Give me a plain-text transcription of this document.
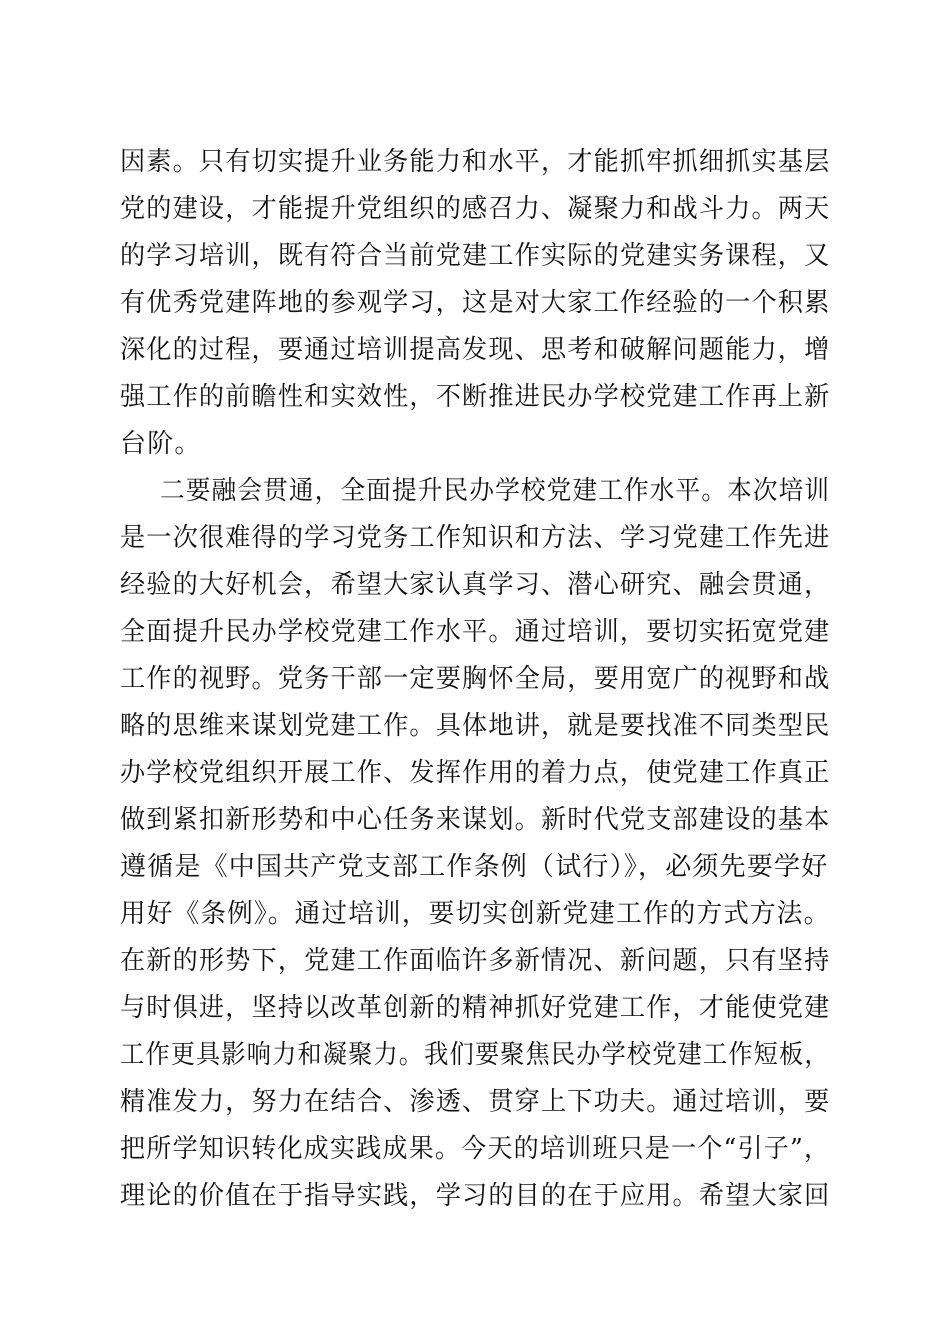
因素。只有切实提升业务能力和水平，才能抓牢抓细抓实基层
党的建设，才能提升党组织的感召力、凝聚力和战斗力。两天
的学习培训，既有符合当前党建工作实际的党建实务课程，又
有优秀党建阵地的参观学习，这是对大家工作经验的一个积累
深化的过程，要通过培训提高发现、思考和破解问题能力，增
强工作的前瞻性和实效性，不断推进民办学校党建工作再上新
台阶。
二要融会贯通，全面提升民办学校党建工作水平。本次培训
是一次很难得的学习党务工作知识和方法、学习党建工作先进
经验的大好机会，希望大家认真学习、潜心研究、融会贯通，
全面提升民办学校党建工作水平。通过培训，要切实拓宽党建
工作的视野。党务干部一定要胸怀全局，要用宽广的视野和战
略的思维来谋划党建工作。具体地讲，就是要找准不同类型民
办学校党组织开展工作、发挥作用的着力点，使党建工作真正
做到紧扣新形势和中心任务来谋划。新时代党支部建设的基本
遵循是《中国共产党支部工作条例（试行）》，必须先要学好
用好《条例》。通过培训，要切实创新党建工作的方式方法。
在新的形势下，党建工作面临许多新情况、新问题，只有坚持
与时俱进，坚持以改革创新的精神抓好党建工作，才能使党建
工作更具影响力和凝聚力。我们要聚焦民办学校党建工作短板，
精准发力，努力在结合、渗透、贯穿上下功夫。通过培训，要
把所学知识转化成实践成果。今天的培训班只是一个“引子”，
理论的价值在于指导实践，学习的目的在于应用。希望大家回
